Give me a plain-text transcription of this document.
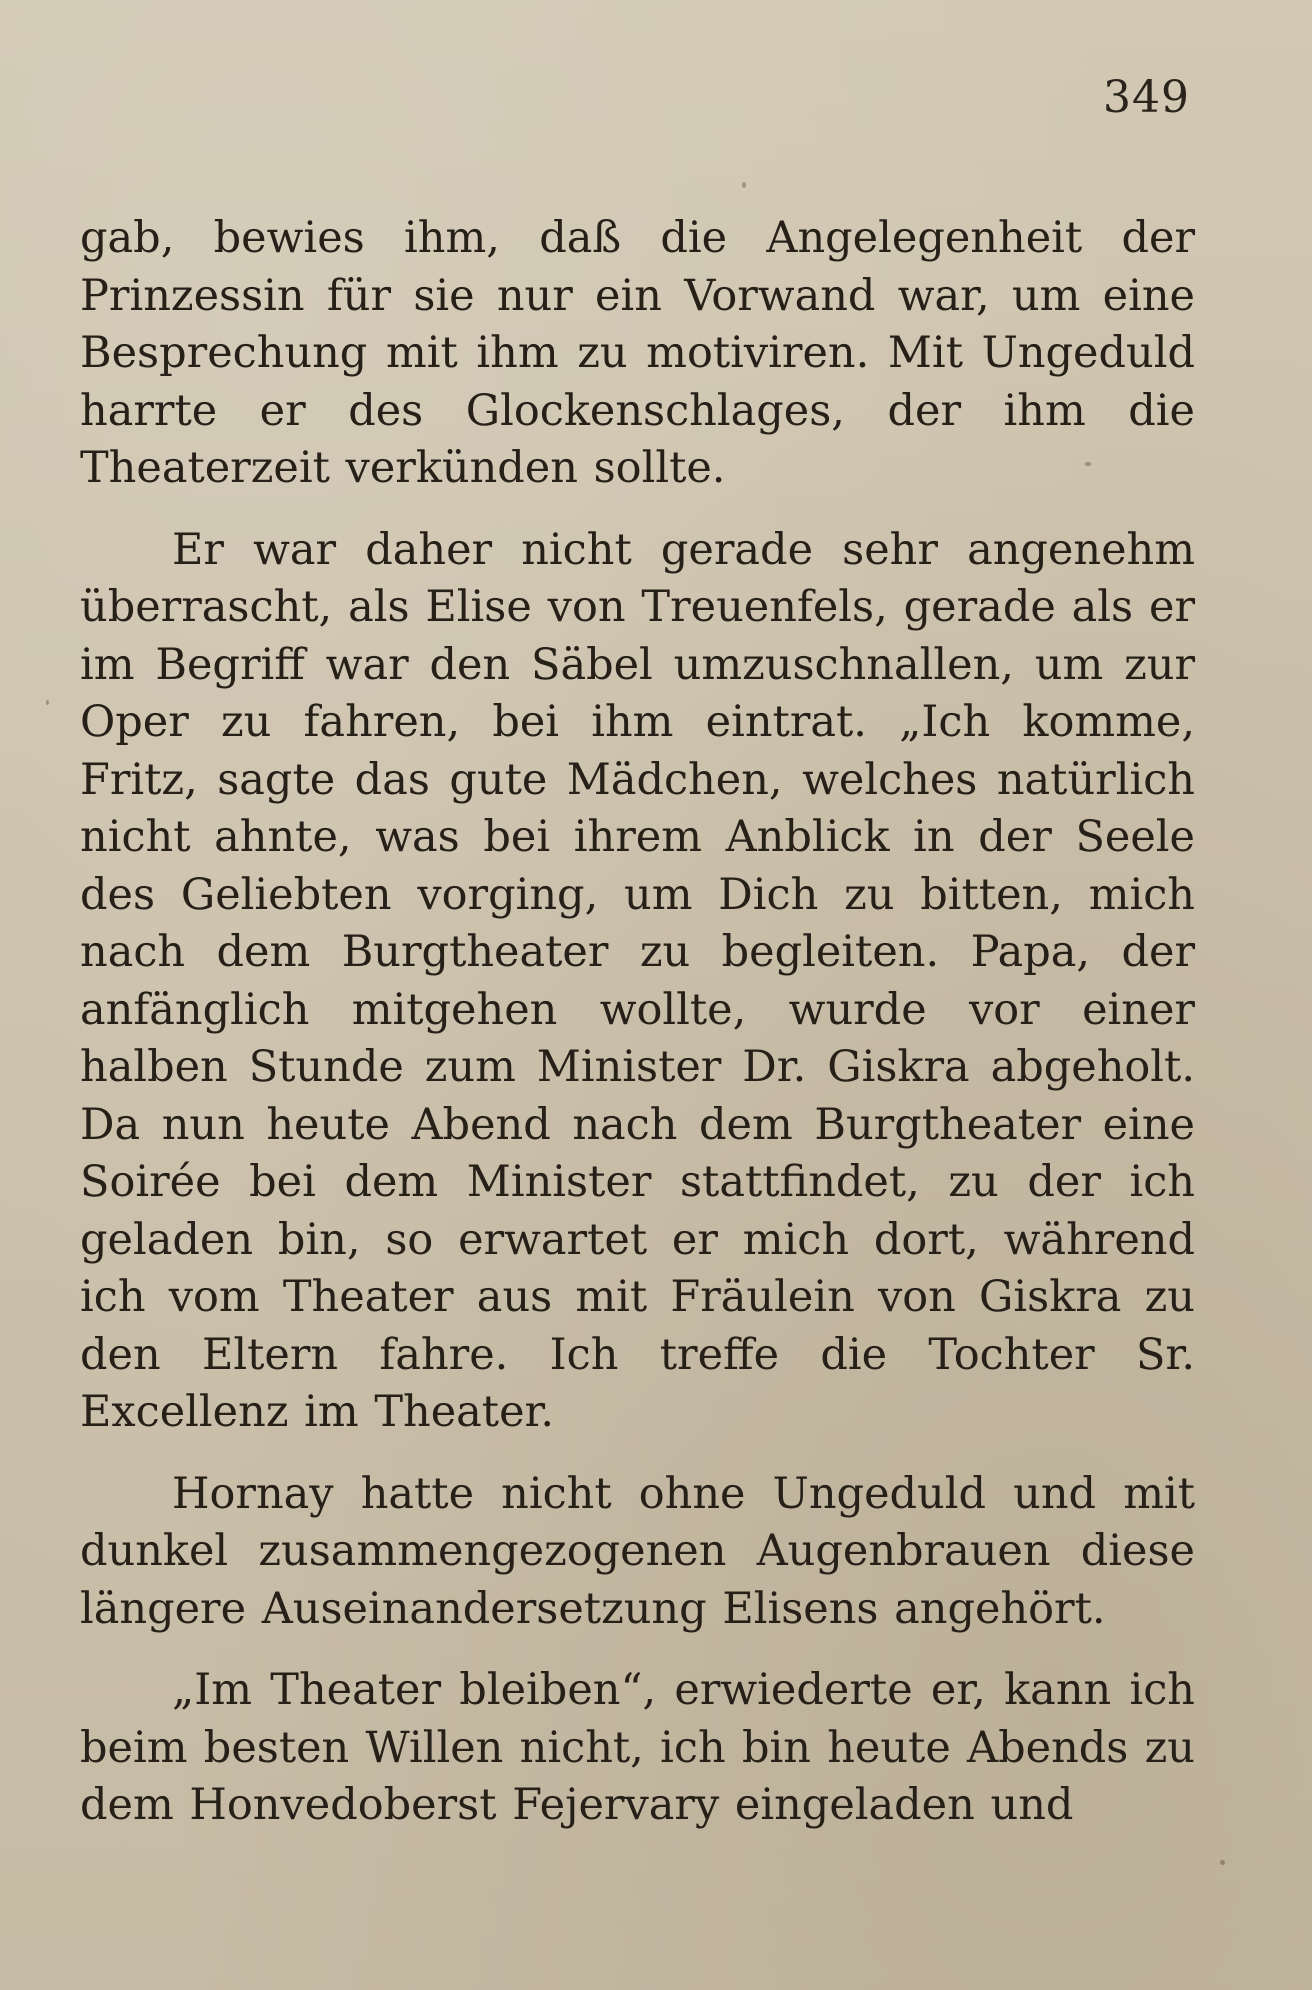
349

gab, bewies ihm, daß die Angelegenheit der Prinzessin für sie nur ein Vorwand war, um eine Besprechung mit ihm zu motiviren. Mit Ungeduld harrte er des Glockenschlages, der ihm die Theaterzeit verkünden sollte.

Er war daher nicht gerade sehr angenehm überrascht, als Elise von Treuenfels, gerade als er im Begriff war den Säbel umzuschnallen, um zur Oper zu fahren, bei ihm eintrat. „Ich komme, Fritz, sagte das gute Mädchen, welches natürlich nicht ahnte, was bei ihrem Anblick in der Seele des Geliebten vorging, um Dich zu bitten, mich nach dem Burgtheater zu begleiten. Papa, der anfänglich mitgehen wollte, wurde vor einer halben Stunde zum Minister Dr. Giskra abgeholt. Da nun heute Abend nach dem Burgtheater eine Soirée bei dem Minister stattfindet, zu der ich geladen bin, so erwartet er mich dort, während ich vom Theater aus mit Fräulein von Giskra zu den Eltern fahre. Ich treffe die Tochter Sr. Excellenz im Theater.

Hornay hatte nicht ohne Ungeduld und mit dunkel zusammengezogenen Augenbrauen diese längere Auseinandersetzung Elisens angehört.

„Im Theater bleiben“, erwiederte er, kann ich beim besten Willen nicht, ich bin heute Abends zu dem Honvedoberst Fejervary eingeladen und
